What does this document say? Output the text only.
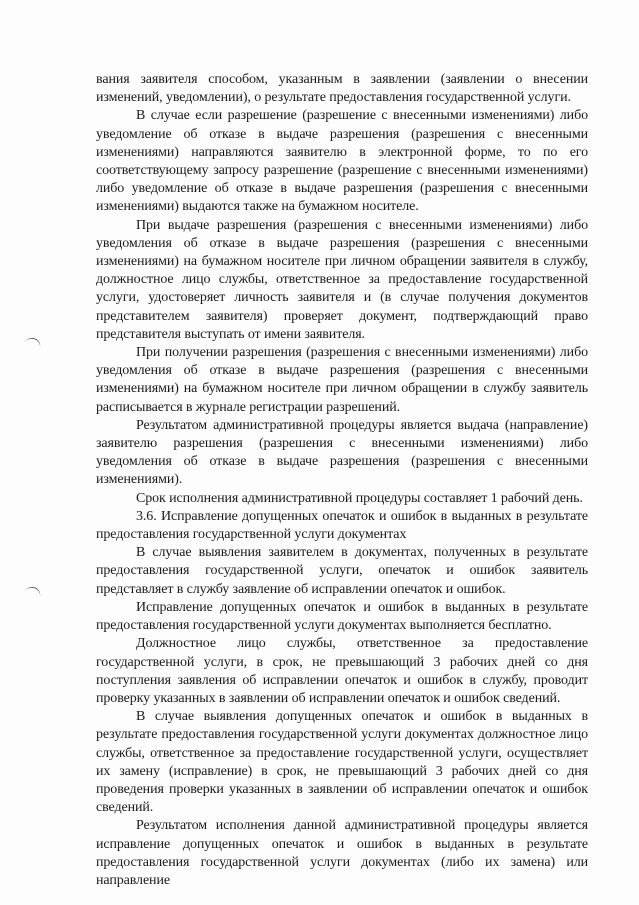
вания заявителя способом, указанным в заявлении (заявлении о внесении изменений, уведомлении), о результате предоставления государственной услуги.

В случае если разрешение (разрешение с внесенными изменениями) либо уведомление об отказе в выдаче разрешения (разрешения с внесенными изменениями) направляются заявителю в электронной форме, то по его соответствующему запросу разрешение (разрешение с внесенными изменениями) либо уведомление об отказе в выдаче разрешения (разрешения с внесенными изменениями) выдаются также на бумажном носителе.

При выдаче разрешения (разрешения с внесенными изменениями) либо уведомления об отказе в выдаче разрешения (разрешения с внесенными изменениями) на бумажном носителе при личном обращении заявителя в службу, должностное лицо службы, ответственное за предоставление государственной услуги, удостоверяет личность заявителя и (в случае получения документов представителем заявителя) проверяет документ, подтверждающий право представителя выступать от имени заявителя.

При получении разрешения (разрешения с внесенными изменениями) либо уведомления об отказе в выдаче разрешения (разрешения с внесенными изменениями) на бумажном носителе при личном обращении в службу заявитель расписывается в журнале регистрации разрешений.

Результатом административной процедуры является выдача (направление) заявителю разрешения (разрешения с внесенными изменениями) либо уведомления об отказе в выдаче разрешения (разрешения с внесенными изменениями).

Срок исполнения административной процедуры составляет 1 рабочий день.

3.6. Исправление допущенных опечаток и ошибок в выданных в результате предоставления государственной услуги документах

В случае выявления заявителем в документах, полученных в результате предоставления государственной услуги, опечаток и ошибок заявитель представляет в службу заявление об исправлении опечаток и ошибок.

Исправление допущенных опечаток и ошибок в выданных в результате предоставления государственной услуги документах выполняется бесплатно.

Должностное лицо службы, ответственное за предоставление государственной услуги, в срок, не превышающий 3 рабочих дней со дня поступления заявления об исправлении опечаток и ошибок в службу, проводит проверку указанных в заявлении об исправлении опечаток и ошибок сведений.

В случае выявления допущенных опечаток и ошибок в выданных в результате предоставления государственной услуги документах должностное лицо службы, ответственное за предоставление государственной услуги, осуществляет их замену (исправление) в срок, не превышающий 3 рабочих дней со дня проведения проверки указанных в заявлении об исправлении опечаток и ошибок сведений.

Результатом исполнения данной административной процедуры является исправление допущенных опечаток и ошибок в выданных в результате предоставления государственной услуги документах (либо их замена) или направление
